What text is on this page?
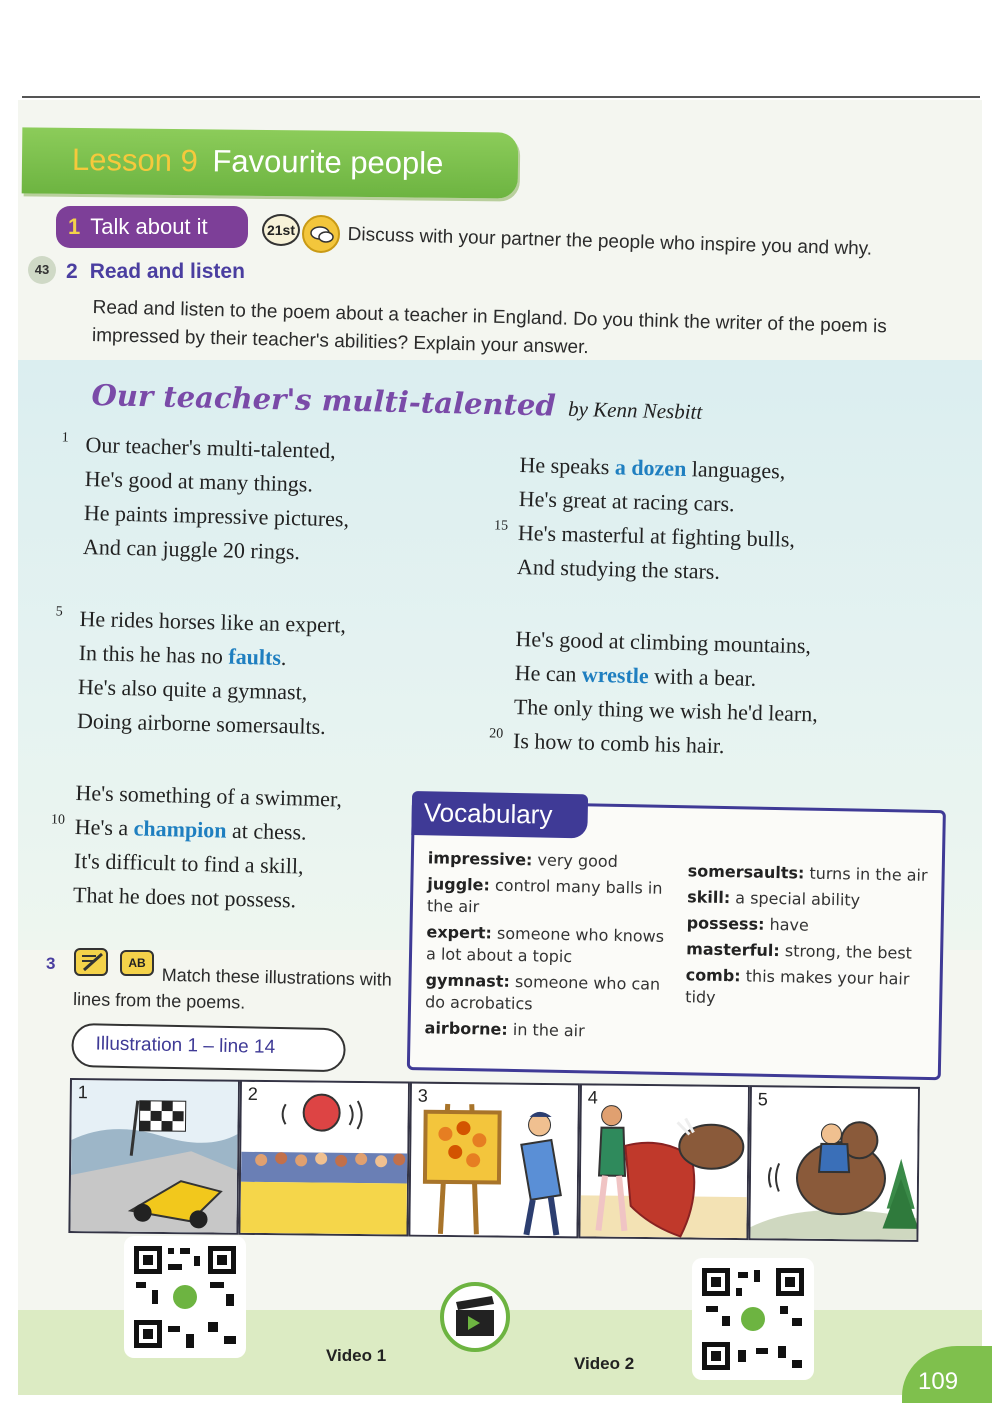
Lesson 9 Favourite people
1 Talk about it	21st	Discuss with your partner the people who inspire you and why.
43 2 Read and listen
Read and listen to the poem about a teacher in England. Do you think the writer of the poem is impressed by their teacher's abilities? Explain your answer.
Our teacher's multi-talented by Kenn Nesbitt
1 Our teacher's multi-talented,
He's good at many things.
He paints impressive pictures,
And can juggle 20 rings.
5 He rides horses like an expert,
In this he has no faults.
He's also quite a gymnast,
Doing airborne somersaults.
He's something of a swimmer,
10 He's a champion at chess.
It's difficult to find a skill,
That he does not possess.
He speaks a dozen languages,
He's great at racing cars.
15 He's masterful at fighting bulls,
And studying the stars.
He's good at climbing mountains,
He can wrestle with a bear.
The only thing we wish he'd learn,
20 Is how to comb his hair.
Vocabulary
impressive: very good
juggle: control many balls in the air
expert: someone who knows a lot about a topic
gymnast: someone who can do acrobatics
airborne: in the air
somersaults: turns in the air
skill: a special ability
possess: have
masterful: strong, the best
comb: this makes your hair tidy
3	AB
Match these illustrations with lines from the poems.
Illustration 1 – line 14
1	2	3	4	5
Video 1	Video 2
109
